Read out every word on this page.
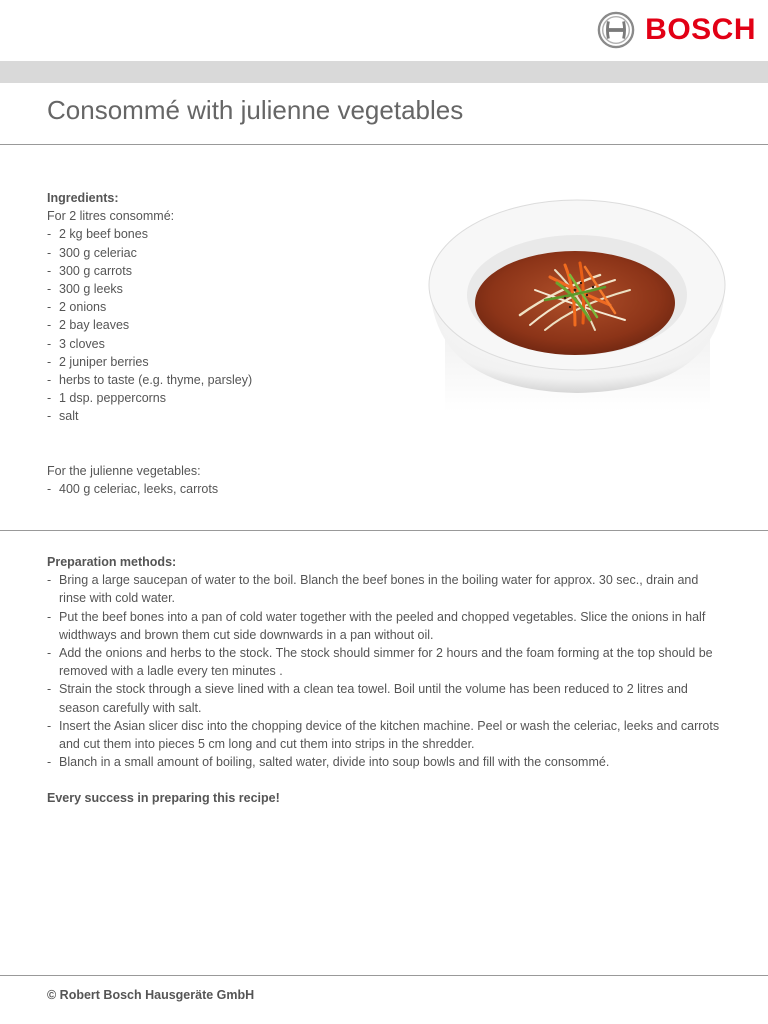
BOSCH
Consommé with julienne vegetables

Ingredients:

For 2 litres consommé:

- 2 kg beef bones
- 300 g celeriac
- 300 g carrots
- 300 g leeks
- 2 onions
- 2 bay leaves
- 3 cloves
- 2 juniper berries
- herbs to taste (e.g. thyme, parsley)
- 1 dsp. peppercorns
- salt

For the julienne vegetables:

- 400 g celeriac, leeks, carrots

Preparation methods:

- Bring a large saucepan of water to the boil. Blanch the beef bones in the boiling water for approx. 30 sec., drain and rinse with cold water.
- Put the beef bones into a pan of cold water together with the peeled and chopped vegetables. Slice the onions in half widthways and brown them cut side downwards in a pan without oil.
- Add the onions and herbs to the stock. The stock should simmer for 2 hours and the foam forming at the top should be removed with a ladle every ten minutes .
- Strain the stock through a sieve lined with a clean tea towel. Boil until the volume has been reduced to 2 litres and season carefully with salt.
- Insert the Asian slicer disc into the chopping device of the kitchen machine. Peel or wash the celeriac, leeks and carrots and cut them into pieces 5 cm long and cut them into strips in the shredder.
- Blanch in a small amount of boiling, salted water, divide into soup bowls and fill with the consommé.

Every success in preparing this recipe!

© Robert Bosch Hausgeräte GmbH
